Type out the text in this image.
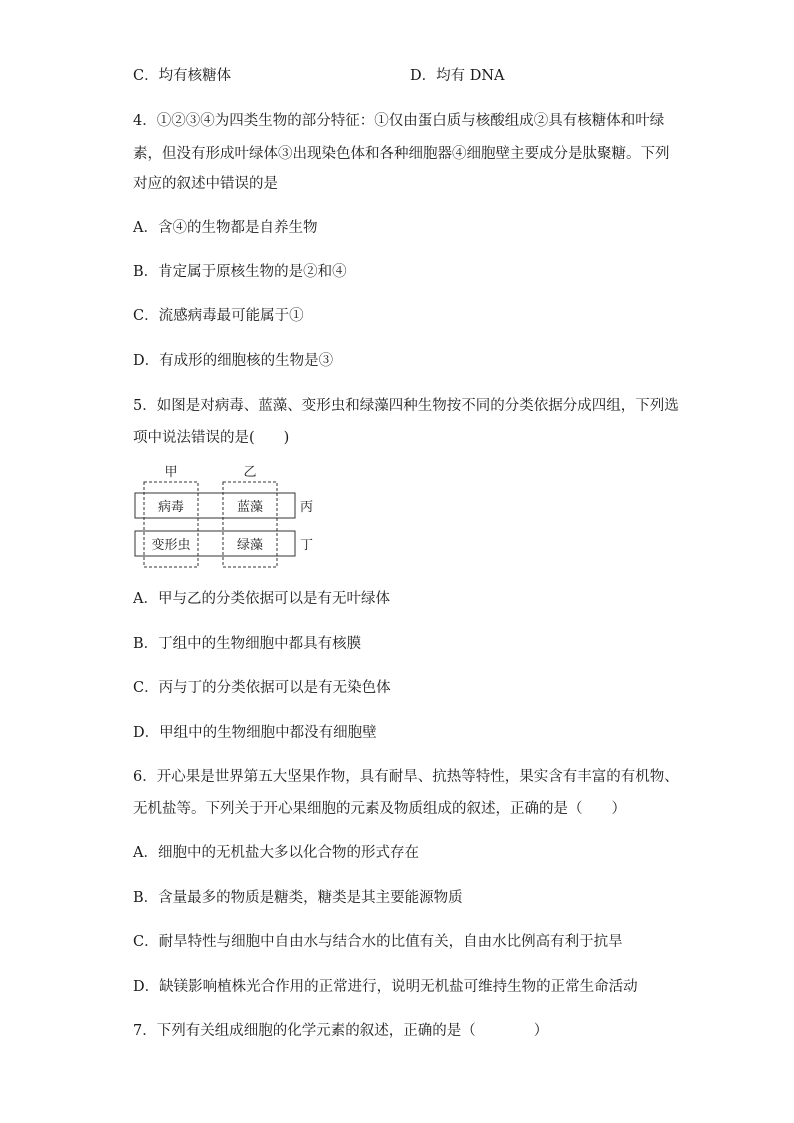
C．均有核糖体	D．均有 DNA
4．①②③④为四类生物的部分特征：①仅由蛋白质与核酸组成②具有核糖体和叶绿
素，但没有形成叶绿体③出现染色体和各种细胞器④细胞壁主要成分是肽聚糖。下列
对应的叙述中错误的是
A．含④的生物都是自养生物
B．肯定属于原核生物的是②和④
C．流感病毒最可能属于①
D．有成形的细胞核的生物是③
5．如图是对病毒、蓝藻、变形虫和绿藻四种生物按不同的分类依据分成四组，下列选
项中说法错误的是(　　)
甲	乙
丙
丁
病毒	蓝藻
变形虫	绿藻
A．甲与乙的分类依据可以是有无叶绿体
B．丁组中的生物细胞中都具有核膜
C．丙与丁的分类依据可以是有无染色体
D．甲组中的生物细胞中都没有细胞壁
6．开心果是世界第五大坚果作物，具有耐旱、抗热等特性，果实含有丰富的有机物、
无机盐等。下列关于开心果细胞的元素及物质组成的叙述，正确的是（　　）
A．细胞中的无机盐大多以化合物的形式存在
B．含量最多的物质是糖类，糖类是其主要能源物质
C．耐旱特性与细胞中自由水与结合水的比值有关，自由水比例高有利于抗旱
D．缺镁影响植株光合作用的正常进行，说明无机盐可维持生物的正常生命活动
7．下列有关组成细胞的化学元素的叙述，正确的是（　　　　）
